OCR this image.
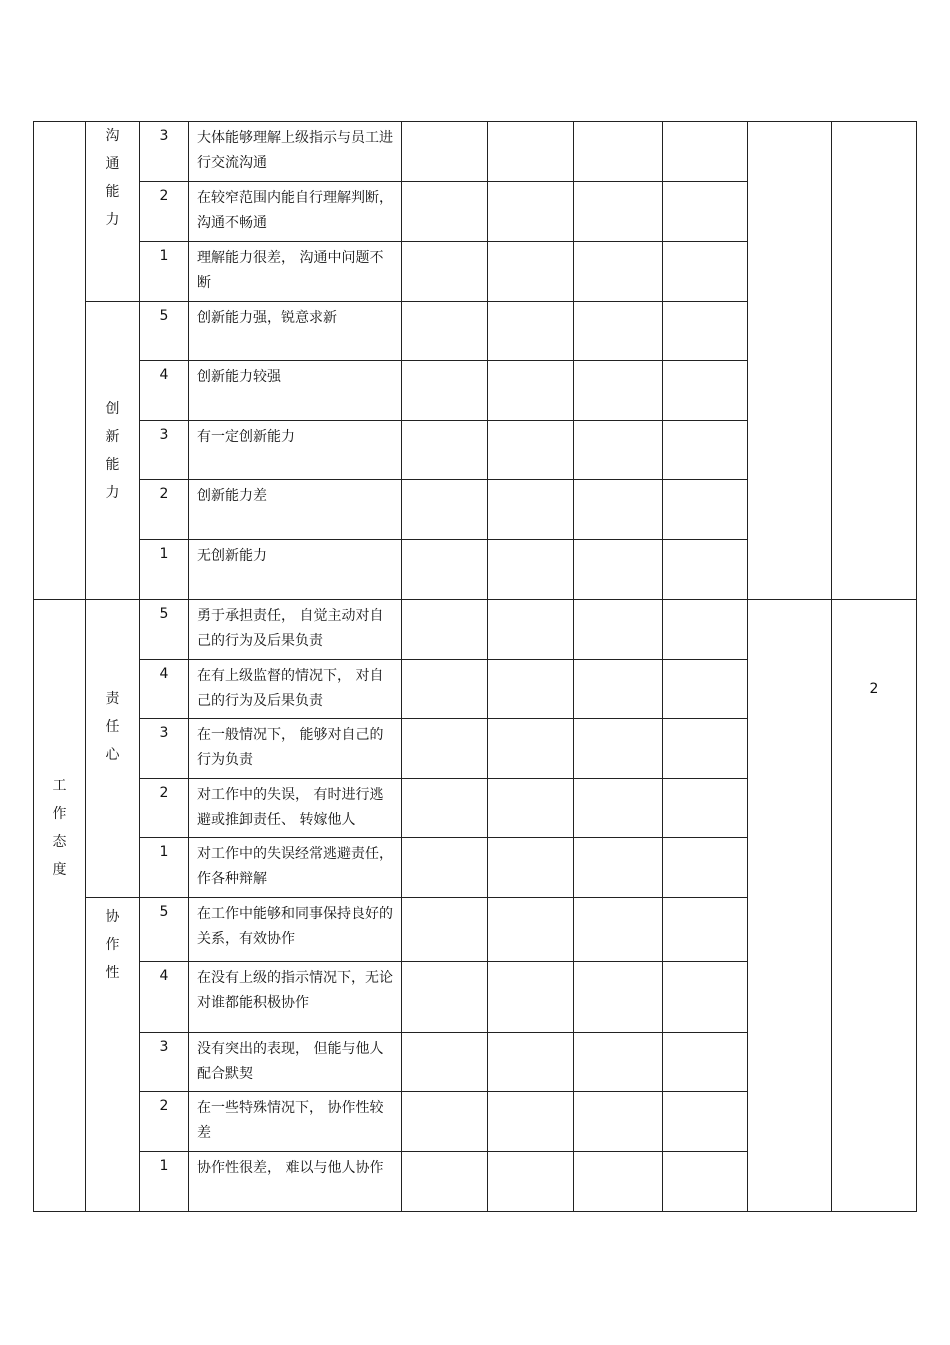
	沟通能力	3	大体能够理解上级指示与员工进行交流沟通						

		2	在较窄范围内能自行理解判断，沟通不畅通						

		1	理解能力很差， 沟通中问题不断						

	创新能力	5	创新能力强，锐意求新						

		4	创新能力较强						

		3	有一定创新能力						

		2	创新能力差						

		1	无创新能力						

工作态度	责任心	5	勇于承担责任， 自觉主动对自己的行为及后果负责						2

		4	在有上级监督的情况下， 对自己的行为及后果负责						

		3	在一般情况下， 能够对自己的行为负责						

		2	对工作中的失误， 有时进行逃避或推卸责任、 转嫁他人						

		1	对工作中的失误经常逃避责任，作各种辩解						

	协作性	5	在工作中能够和同事保持良好的关系，有效协作						

		4	在没有上级的指示情况下，无论对谁都能积极协作						

		3	没有突出的表现， 但能与他人配合默契						

		2	在一些特殊情况下， 协作性较差						

		1	协作性很差， 难以与他人协作						
